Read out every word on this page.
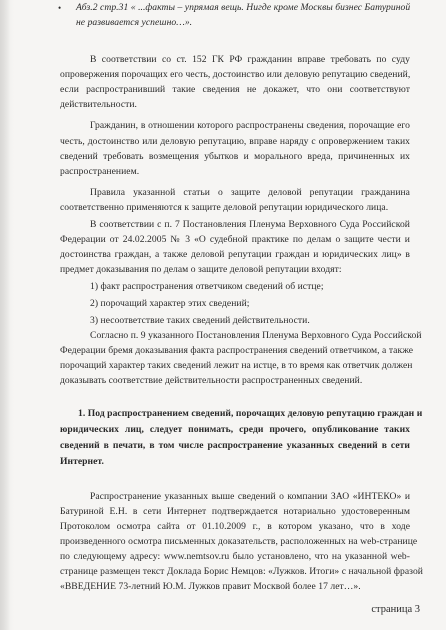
• Абз.2 стр.31 « ...факты – упрямая вещь. Нигде кроме Москвы бизнес Батуриной
не развивается успешно…».
В соответствии со ст. 152 ГК РФ гражданин вправе требовать по суду
опровержения порочащих его честь, достоинство или деловую репутацию сведений,
если распространивший такие сведения не докажет, что они соответствуют
действительности.
Гражданин, в отношении которого распространены сведения, порочащие его
честь, достоинство или деловую репутацию, вправе наряду с опровержением таких
сведений требовать возмещения убытков и морального вреда, причиненных их
распространением.
Правила указанной статьи о защите деловой репутации гражданина
соответственно применяются к защите деловой репутации юридического лица.
В соответствии с п. 7 Постановления Пленума Верховного Суда Российской
Федерации от 24.02.2005 № 3 «О судебной практике по делам о защите чести и
достоинства граждан, а также деловой репутации граждан и юридических лиц» в
предмет доказывания по делам о защите деловой репутации входят:
1) факт распространения ответчиком сведений об истце;
2) порочащий характер этих сведений;
3) несоответствие таких сведений действительности.
Согласно п. 9 указанного Постановления Пленума Верховного Суда Российской
Федерации бремя доказывания факта распространения сведений ответчиком, а также
порочащий характер таких сведений лежит на истце, в то время как ответчик должен
доказывать соответствие действительности распространенных сведений.
1. Под распространением сведений, порочащих деловую репутацию граждан и
юридических лиц, следует понимать, среди прочего, опубликование таких
сведений в печати, в том числе распространение указанных сведений в сети
Интернет.
Распространение указанных выше сведений о компании ЗАО «ИНТЕКО» и
Батуриной Е.Н. в сети Интернет подтверждается нотариально удостоверенным
Протоколом осмотра сайта от 01.10.2009 г., в котором указано, что в ходе
произведенного осмотра письменных доказательств, расположенных на web-странице
по следующему адресу: www.nemtsov.ru было установлено, что на указанной web-
странице размещен текст Доклада Борис Немцов: «Лужков. Итоги» с начальной фразой
«ВВЕДЕНИЕ 73-летний Ю.М. Лужков правит Москвой более 17 лет…».
страница 3
